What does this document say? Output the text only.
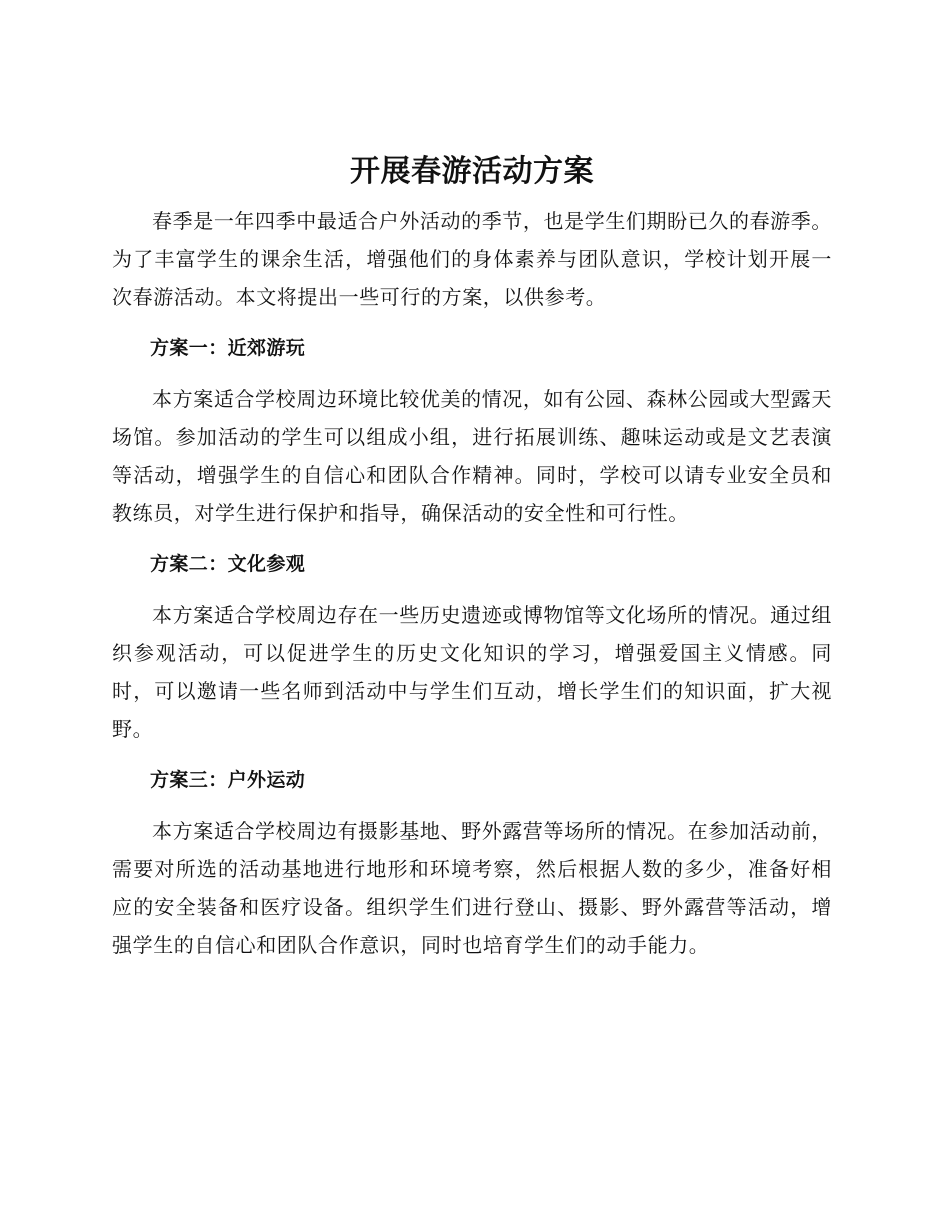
开展春游活动方案

春季是一年四季中最适合户外活动的季节，也是学生们期盼已久的春游季。为了丰富学生的课余生活，增强他们的身体素养与团队意识，学校计划开展一次春游活动。本文将提出一些可行的方案，以供参考。

方案一：近郊游玩

本方案适合学校周边环境比较优美的情况，如有公园、森林公园或大型露天场馆。参加活动的学生可以组成小组，进行拓展训练、趣味运动或是文艺表演等活动，增强学生的自信心和团队合作精神。同时，学校可以请专业安全员和教练员，对学生进行保护和指导，确保活动的安全性和可行性。

方案二：文化参观

本方案适合学校周边存在一些历史遗迹或博物馆等文化场所的情况。通过组织参观活动，可以促进学生的历史文化知识的学习，增强爱国主义情感。同时，可以邀请一些名师到活动中与学生们互动，增长学生们的知识面，扩大视野。

方案三：户外运动

本方案适合学校周边有摄影基地、野外露营等场所的情况。在参加活动前，需要对所选的活动基地进行地形和环境考察，然后根据人数的多少，准备好相应的安全装备和医疗设备。组织学生们进行登山、摄影、野外露营等活动，增强学生的自信心和团队合作意识，同时也培育学生们的动手能力。
